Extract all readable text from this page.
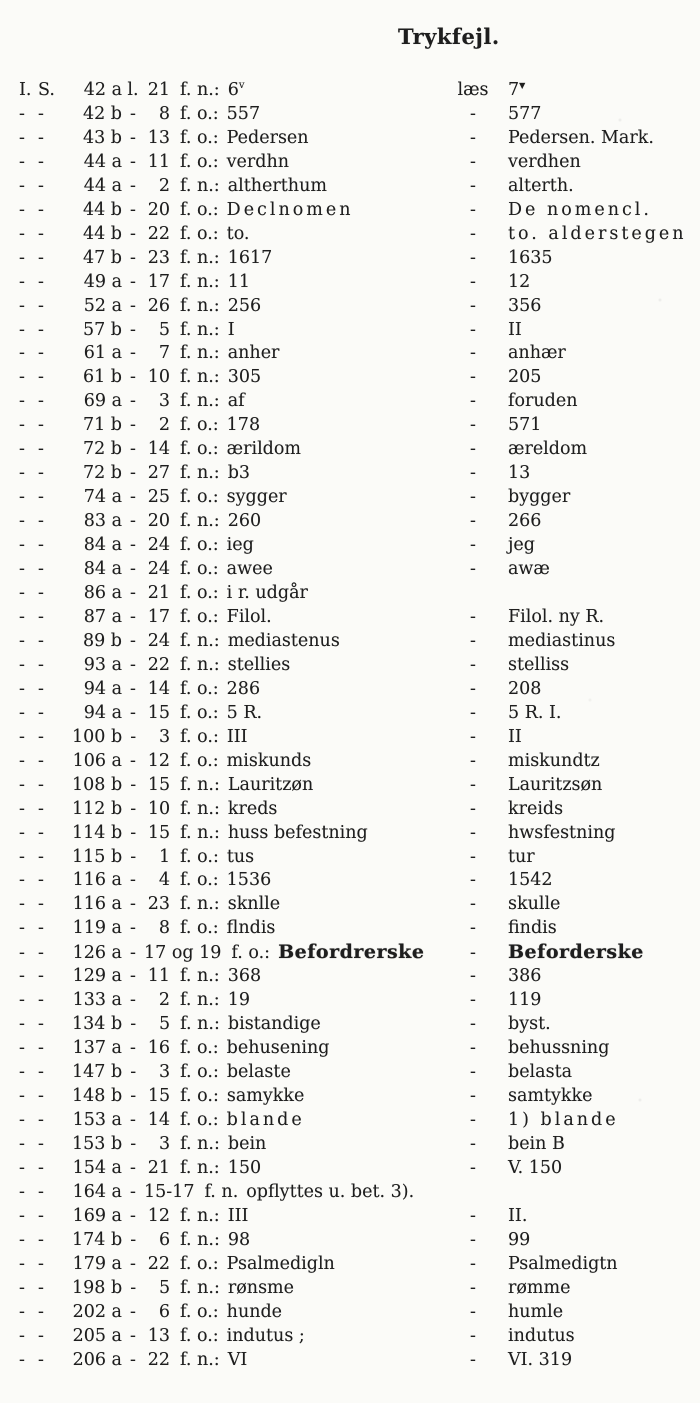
Trykfejl.
I. S. 42 a l. 21 f. n.: 6$^v$	læs 7▼
- - 42 b - 8 f. o.: 557	- 577
- - 43 b - 13 f. o.: Pedersen	- Pedersen. Mark.
- - 44 a - 11 f. o.: verdhn	- verdhen
- - 44 a - 2 f. n.: altherthum	- alterth.
- - 44 b - 20 f. o.: Declnomen	- De nomencl.
- - 44 b - 22 f. o.: to.	- to. alderstegen
- - 47 b - 23 f. n.: 1617	- 1635
- - 49 a - 17 f. n.: 11	- 12
- - 52 a - 26 f. n.: 256	- 356
- - 57 b - 5 f. n.: I	- II
- - 61 a - 7 f. n.: anher	- anhær
- - 61 b - 10 f. n.: 305	- 205
- - 69 a - 3 f. n.: af	- foruden
- - 71 b - 2 f. o.: 178	- 571
- - 72 b - 14 f. o.: ærildom	- æreldom
- - 72 b - 27 f. n.: b3	- 13
- - 74 a - 25 f. o.: sygger	- bygger
- - 83 a - 20 f. n.: 260	- 266
- - 84 a - 24 f. o.: ieg	- jeg
- - 84 a - 24 f. o.: awee	- awæ
- - 86 a - 21 f. o.: i r. udgår
- - 87 a - 17 f. o.: Filol.	- Filol. ny R.
- - 89 b - 24 f. n.: mediastenus	- mediastinus
- - 93 a - 22 f. n.: stellies	- stelliss
- - 94 a - 14 f. o.: 286	- 208
- - 94 a - 15 f. o.: 5 R.	- 5 R. I.
- - 100 b - 3 f. o.: III	- II
- - 106 a - 12 f. o.: miskunds	- miskundtz
- - 108 b - 15 f. n.: Lauritzøn	- Lauritzsøn
- - 112 b - 10 f. n.: kreds	- kreids
- - 114 b - 15 f. n.: huss befestning	- hwsfestning
- - 115 b - 1 f. o.: tus	- tur
- - 116 a - 4 f. o.: 1536	- 1542
- - 116 a - 23 f. n.: sknlle	- skulle
- - 119 a - 8 f. o.: flndis	- findis
- - 126 a - 17 og 19 f. o.: Befordrerske	- Beforderske
- - 129 a - 11 f. n.: 368	- 386
- - 133 a - 2 f. n.: 19	- 119
- - 134 b - 5 f. n.: bistandige	- byst.
- - 137 a - 16 f. o.: behusening	- behussning
- - 147 b - 3 f. o.: belaste	- belasta
- - 148 b - 15 f. o.: samykke	- samtykke
- - 153 a - 14 f. o.: blande	- 1) blande
- - 153 b - 3 f. n.: bein	- bein B
- - 154 a - 21 f. n.: 150	- V. 150
- - 164 a - 15-17 f. n. opflyttes u. bet. 3).
- - 169 a - 12 f. n.: III	- II.
- - 174 b - 6 f. n.: 98	- 99
- - 179 a - 22 f. o.: Psalmedigln	- Psalmedigtn
- - 198 b - 5 f. n.: rønsme	- rømme
- - 202 a - 6 f. o.: hunde	- humle
- - 205 a - 13 f. o.: indutus ;	- indutus
- - 206 a - 22 f. n.: VI	- VI. 319
